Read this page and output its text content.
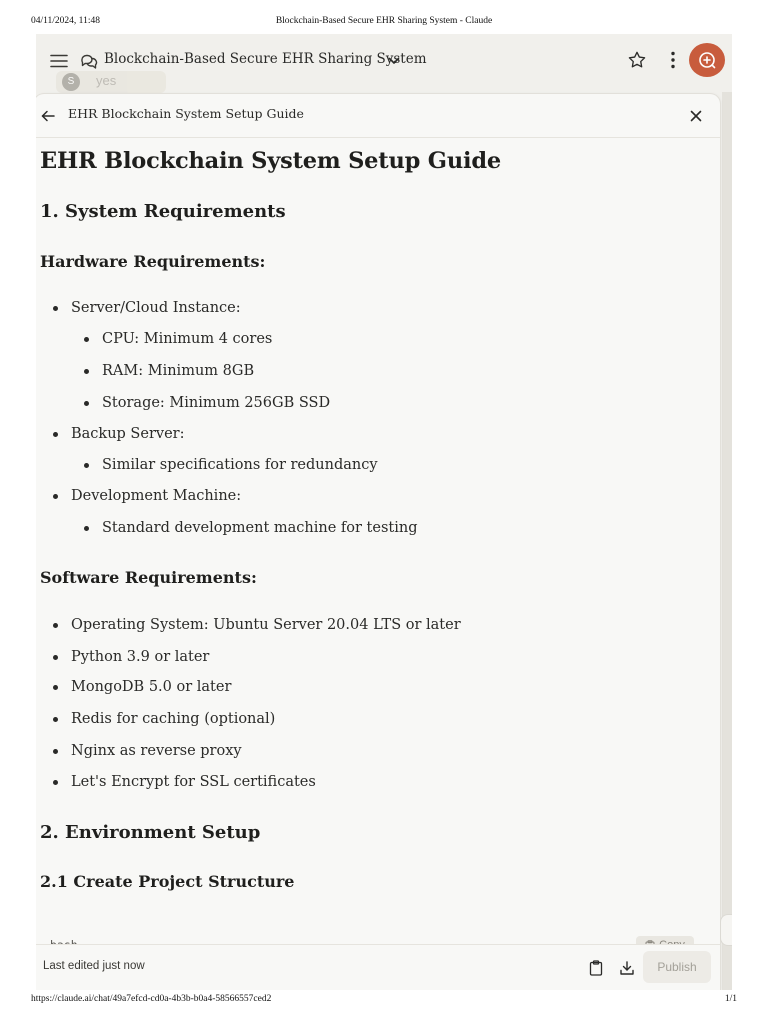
04/11/2024, 11:48	Blockchain-Based Secure EHR Sharing System - Claude
Blockchain-Based Secure EHR Sharing System
S	yes
EHR Blockchain System Setup Guide
EHR Blockchain System Setup Guide
1. System Requirements
Hardware Requirements:
Server/Cloud Instance:
CPU: Minimum 4 cores
RAM: Minimum 8GB
Storage: Minimum 256GB SSD
Backup Server:
Similar specifications for redundancy
Development Machine:
Standard development machine for testing
Software Requirements:
Operating System: Ubuntu Server 20.04 LTS or later
Python 3.9 or later
MongoDB 5.0 or later
Redis for caching (optional)
Nginx as reverse proxy
Let's Encrypt for SSL certificates
2. Environment Setup
2.1 Create Project Structure
Last edited just now	Publish
https://claude.ai/chat/49a7efcd-cd0a-4b3b-b0a4-58566557ced2	1/1
